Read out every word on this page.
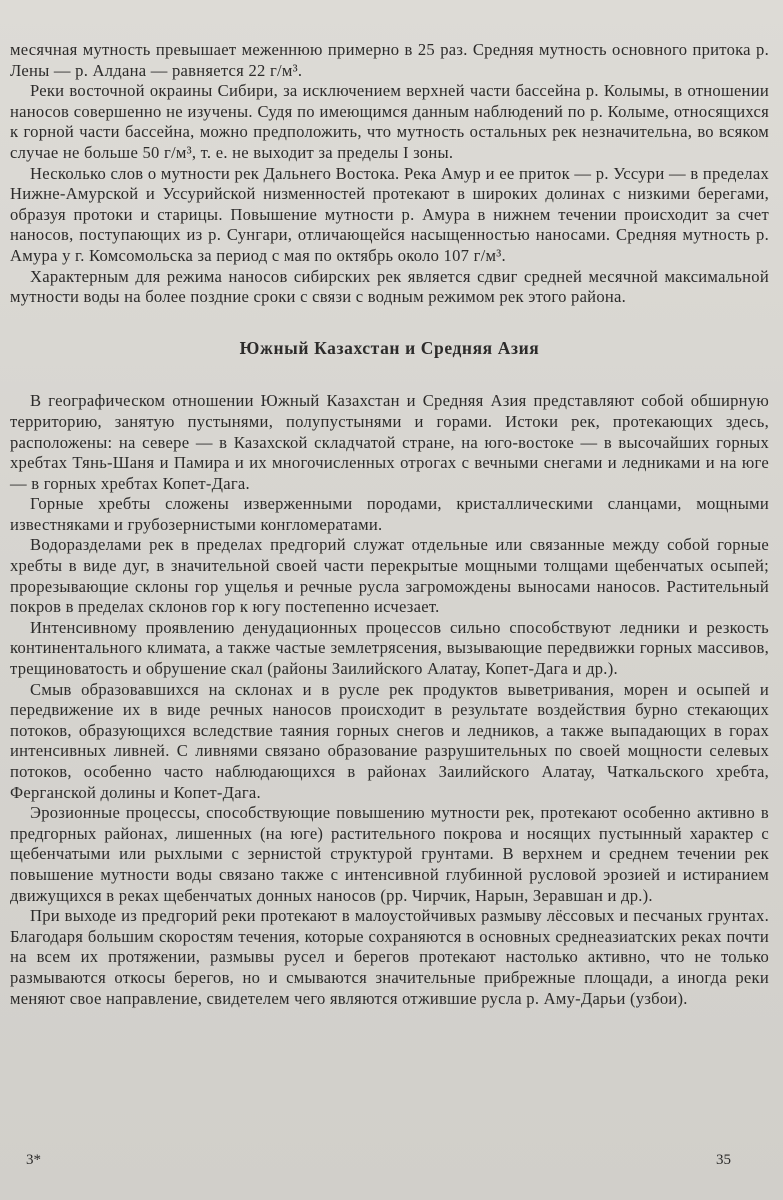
месячная мутность превышает меженнюю примерно в 25 раз. Средняя мутность основного притока р. Лены — р. Алдана — равняется 22 г/м³.

Реки восточной окраины Сибири, за исключением верхней части бассейна р. Колымы, в отношении наносов совершенно не изучены. Судя по имеющимся данным наблюдений по р. Колыме, относящихся к горной части бассейна, можно предположить, что мутность остальных рек незначительна, во всяком случае не больше 50 г/м³, т. е. не выходит за пределы I зоны.

Несколько слов о мутности рек Дальнего Востока. Река Амур и ее приток — р. Уссури — в пределах Нижне-Амурской и Уссурийской низменностей протекают в широких долинах с низкими берегами, образуя протоки и старицы. Повышение мутности р. Амура в нижнем течении происходит за счет наносов, поступающих из р. Сунгари, отличающейся насыщенностью наносами. Средняя мутность р. Амура у г. Комсомольска за период с мая по октябрь около 107 г/м³.

Характерным для режима наносов сибирских рек является сдвиг средней месячной максимальной мутности воды на более поздние сроки с связи с водным режимом рек этого района.

Южный Казахстан и Средняя Азия

В географическом отношении Южный Казахстан и Средняя Азия представляют собой обширную территорию, занятую пустынями, полупустынями и горами. Истоки рек, протекающих здесь, расположены: на севере — в Казахской складчатой стране, на юго-востоке — в высочайших горных хребтах Тянь-Шаня и Памира и их многочисленных отрогах с вечными снегами и ледниками и на юге — в горных хребтах Копет-Дага.

Горные хребты сложены изверженными породами, кристаллическими сланцами, мощными известняками и грубозернистыми конгломератами.

Водоразделами рек в пределах предгорий служат отдельные или связанные между собой горные хребты в виде дуг, в значительной своей части перекрытые мощными толщами щебенчатых осыпей; прорезывающие склоны гор ущелья и речные русла загромождены выносами наносов. Растительный покров в пределах склонов гор к югу постепенно исчезает.

Интенсивному проявлению денудационных процессов сильно способствуют ледники и резкость континентального климата, а также частые землетрясения, вызывающие передвижки горных массивов, трещиноватость и обрушение скал (районы Заилийского Алатау, Копет-Дага и др.).

Смыв образовавшихся на склонах и в русле рек продуктов выветривания, морен и осыпей и передвижение их в виде речных наносов происходит в результате воздействия бурно стекающих потоков, образующихся вследствие таяния горных снегов и ледников, а также выпадающих в горах интенсивных ливней. С ливнями связано образование разрушительных по своей мощности селевых потоков, особенно часто наблюдающихся в районах Заилийского Алатау, Чаткальского хребта, Ферганской долины и Копет-Дага.

Эрозионные процессы, способствующие повышению мутности рек, протекают особенно активно в предгорных районах, лишенных (на юге) растительного покрова и носящих пустынный характер с щебенчатыми или рыхлыми с зернистой структурой грунтами. В верхнем и среднем течении рек повышение мутности воды связано также с интенсивной глубинной русловой эрозией и истиранием движущихся в реках щебенчатых донных наносов (рр. Чирчик, Нарын, Зеравшан и др.).

При выходе из предгорий реки протекают в малоустойчивых размыву лёссовых и песчаных грунтах. Благодаря большим скоростям течения, которые сохраняются в основных среднеазиатских реках почти на всем их протяжении, размывы русел и берегов протекают настолько активно, что не только размываются откосы берегов, но и смываются значительные прибрежные площади, а иногда реки меняют свое направление, свидетелем чего являются отжившие русла р. Аму-Дарьи (узбои).

3*	35
